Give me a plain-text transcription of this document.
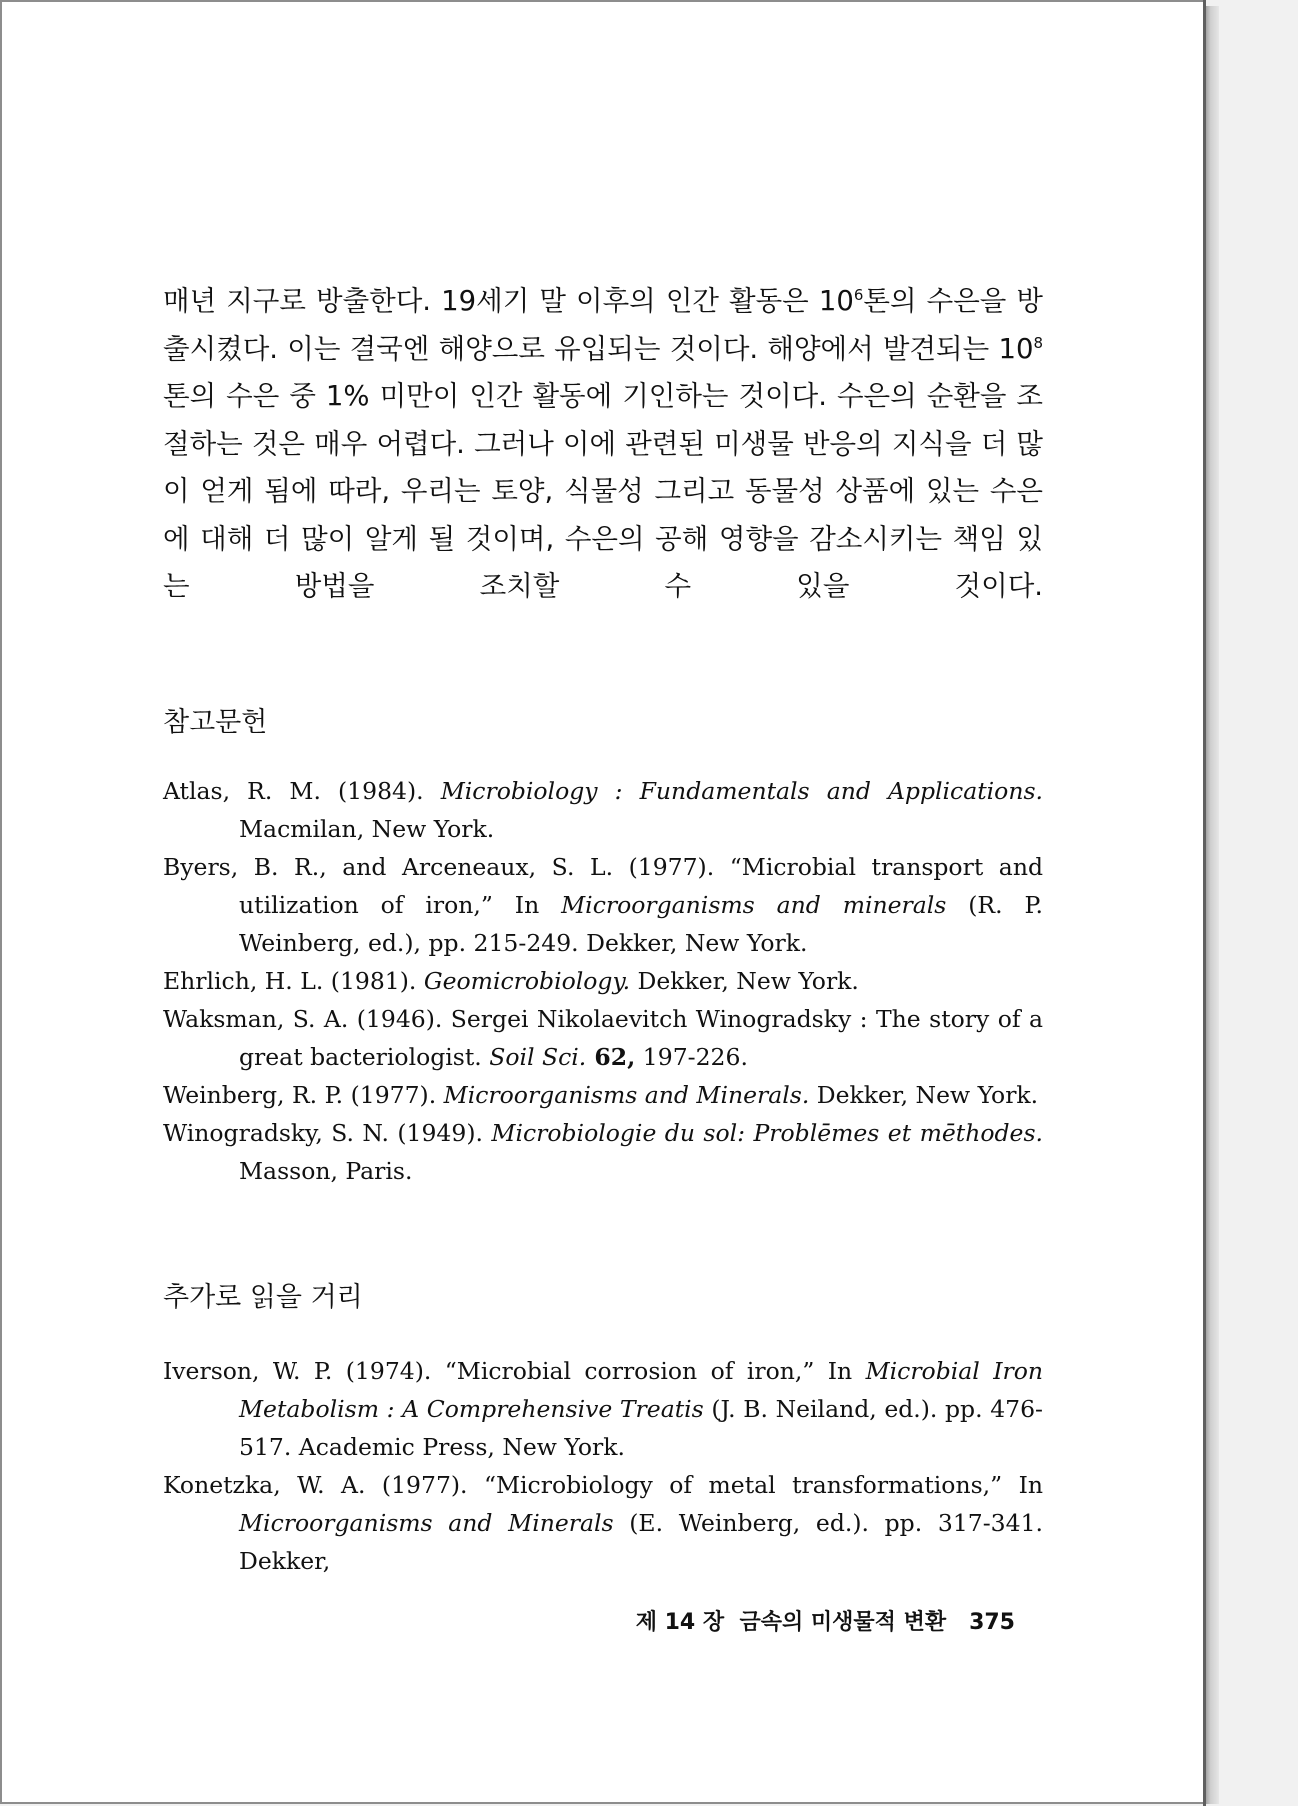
매년 지구로 방출한다. 19세기 말 이후의 인간 활동은 $10^6$톤의 수은을 방출시켰다. 이는 결국엔 해양으로 유입되는 것이다. 해양에서 발견되는 $10^8$톤의 수은 중 1% 미만이 인간 활동에 기인하는 것이다. 수은의 순환을 조절하는 것은 매우 어렵다. 그러나 이에 관련된 미생물 반응의 지식을 더 많이 얻게 됨에 따라, 우리는 토양, 식물성 그리고 동물성 상품에 있는 수은에 대해 더 많이 알게 될 것이며, 수은의 공해 영향을 감소시키는 책임 있는 방법을 조치할 수 있을 것이다.

참고문헌
Atlas, R. M. (1984). Microbiology : Fundamentals and Applications. Macmilan, New York.
Byers, B. R., and Arceneaux, S. L. (1977). “Microbial transport and utilization of iron,” In Microorganisms and minerals (R. P. Weinberg, ed.), pp. 215-249. Dekker, New York.
Ehrlich, H. L. (1981). Geomicrobiology. Dekker, New York.
Waksman, S. A. (1946). Sergei Nikolaevitch Winogradsky : The story of a great bacteriologist. Soil Sci. 62, 197-226.
Weinberg, R. P. (1977). Microorganisms and Minerals. Dekker, New York.
Winogradsky, S. N. (1949). Microbiologie du sol: Problēmes et mēthodes. Masson, Paris.
추가로 읽을 거리
Iverson, W. P. (1974). “Microbial corrosion of iron,” In Microbial Iron Metabolism : A Comprehensive Treatis (J. B. Neiland, ed.). pp. 476-517. Academic Press, New York.
Konetzka, W. A. (1977). “Microbiology of metal transformations,” In Microorganisms and Minerals (E. Weinberg, ed.). pp. 317-341. Dekker,

제 14 장 금속의 미생물적 변환 375
